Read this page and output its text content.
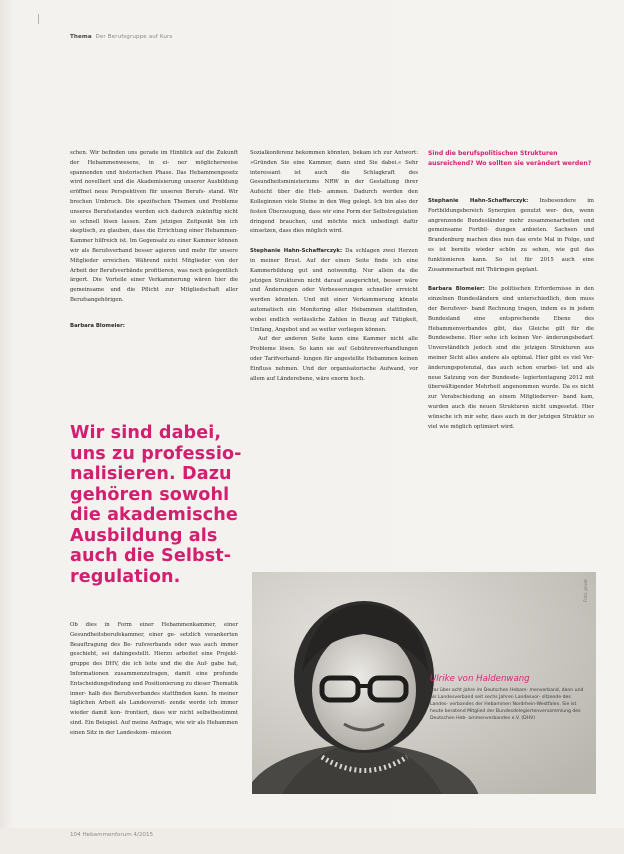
Thema Der Berufsgruppe auf Kurs

schen. Wir befinden uns gerade im Hinblick auf die Zukunft der Hebammenwesens, in ei- ner möglicherweise spannenden und historischen Phase. Das Hebammengesetz wird novelliert und die Akademisierung unserer Ausbildung eröffnet neue Perspektiven für unseren Berufs- stand. Wir brechen Umbruch. Die spezifischen Themen und Probleme unseres Berufsstandes werden sich dadurch zukünftig nicht so schnell lösen lassen. Zum jetzigen Zeitpunkt bin ich skeptisch, zu glauben, dass die Errichtung einer Hebammen-Kammer hilfreich ist. Im Gegensatz zu einer Kammer können wir als Berufsverband besser agieren und mehr für unsere Mitglieder erreichen. Während nicht Mitglieder von der Arbeit der Berufsverbände profitieren, was noch gelegentlich ärgert. Die Vorteile einer Verkammerung wären hier die gemeinsame und die Pflicht zur Mitgliedschaft aller Berufsangehörigen.

Barbara Blomeier:

Wir sind dabei, uns zu professio- nalisieren. Dazu gehören sowohl die akademische Ausbildung als auch die Selbst- regulation.
Ob dies in Form einer Hebammenkammer, einer Gesundheitsberufekammer, einer ge- setzlich verankerten Beauftragung des Be- rufsverbands oder was auch immer geschieht, sei dahingestellt. Hierzu arbeitet eine Projekt- gruppe des DHV, die ich leite und die die Auf- gabe hat, Informationen zusammenzutragen, damit eine profunde Entscheidungsfindung und Positionierung zu dieser Thematik inner- halb des Berufsverbandes stattfinden kann. In meiner täglichen Arbeit als Landesvorsit- zende werde ich immer wieder damit kon- frontiert, dass wir nicht selbstbestimmt sind. Ein Beispiel. Auf meine Anfrage, wie wir als Hebammen einen Sitz in der Landeskom- mission

Sozialkonferenz bekommen könnten, bekam ich zur Antwort: »Gründen Sie eine Kammer, dann sind Sie dabei.« Sehr interessant ist auch die Schlagkraft des Gesundheitsministeriums NRW in der Gestaltung ihrer Aufsicht über die Heb- ammen. Dadurch werden den Kolleginnen viele Steine in den Weg gelegt. Ich bin also der festen Überzeugung, dass wir eine Form der Selbstregulation dringend brauchen, und möchte mich unbedingt dafür einsetzen, dass dies möglich wird.

Stephanie Hahn-Schaffarczyk: Da schlagen zwei Herzen in meiner Brust. Auf der einen Seite finde ich eine Kammerbildung gut und notwendig. Nur allein da die jetzigen Strukturen nicht darauf ausgerichtet, besser wäre und Änderungen oder Verbesserungen schneller erreicht werden könnten. Und mit einer Verkammerung könnte automatisch ein Monitoring aller Hebammen stattfinden, wobei endlich verlässliche Zahlen in Bezug auf Tätigkeit, Umfang, Angebot und so weiter vorliegen können.

Auf der anderen Seite kann eine Kammer nicht alle Probleme lösen. So kann sie auf Gebührenverhandlungen oder Tarifverhand- lungen für angestellte Hebammen keinen Einfluss nehmen. Und der organisatorische Aufwand, vor allem auf Länderebene, wäre enorm hoch.

Sind die berufspolitischen Strukturen ausreichend? Wo sollten sie verändert werden?

Stephanie Hahn-Schaffarczyk: Insbesondere im Fortbildungsbereich Synergien genutzt wer- den, wenn angrenzende Bundesländer mehr zusammenarbeiten und gemeinsame Fortbil- dungen anbieten. Sachsen und Brandenburg machen dies nun das erste Mal in Folge, und es ist bereits wieder schön zu sehen, wie gut das funktionieren kann. So ist für 2015 auch eine Zusammenarbeit mit Thüringen geplant.

Barbara Blomeier: Die politischen Erfordernisse in den einzelnen Bundesländern sind unterschiedlich, dem muss der Berufsver- band Rechnung tragen, indem es in jedem Bundesland eine entsprechende Ebene des Hebammenverbandes gibt, das Gleiche gilt für die Bundesebene. Hier sehe ich keinen Ver- änderungsbedarf. Unverständlich jedoch sind die jetzigen Strukturen aus meiner Sicht alles andere als optimal. Hier gibt es viel Ver- änderungspotenzial, das auch schon erarbei- tet und als neue Satzung von der Bundesde- legiertentagung 2012 mit überwältigender Mehrheit angenommen wurde. Da es nicht zur Verabschiedung an einem Mitgliederver- band kam, wurden auch die neuen Strukturen nicht umgesetzt. Hier wünsche ich mir sehr, dass auch in der jetzigen Struktur so viel wie möglich optimiert wird.

Foto: privat
Ulrike von Haldenwang
war über acht Jahre im Deutschen Hebam- menverband, dann und als Landesverband seit sechs Jahren Landesvor- sitzende des Landes- verbandes der Hebammen Nordrhein-Westfalen. Sie ist heute beratend Mitglied der Bundesdelegiertenversammlung des Deutschen Heb- ammenverbandes e.V. (DHV)
104 Hebammenforum 4/2015
